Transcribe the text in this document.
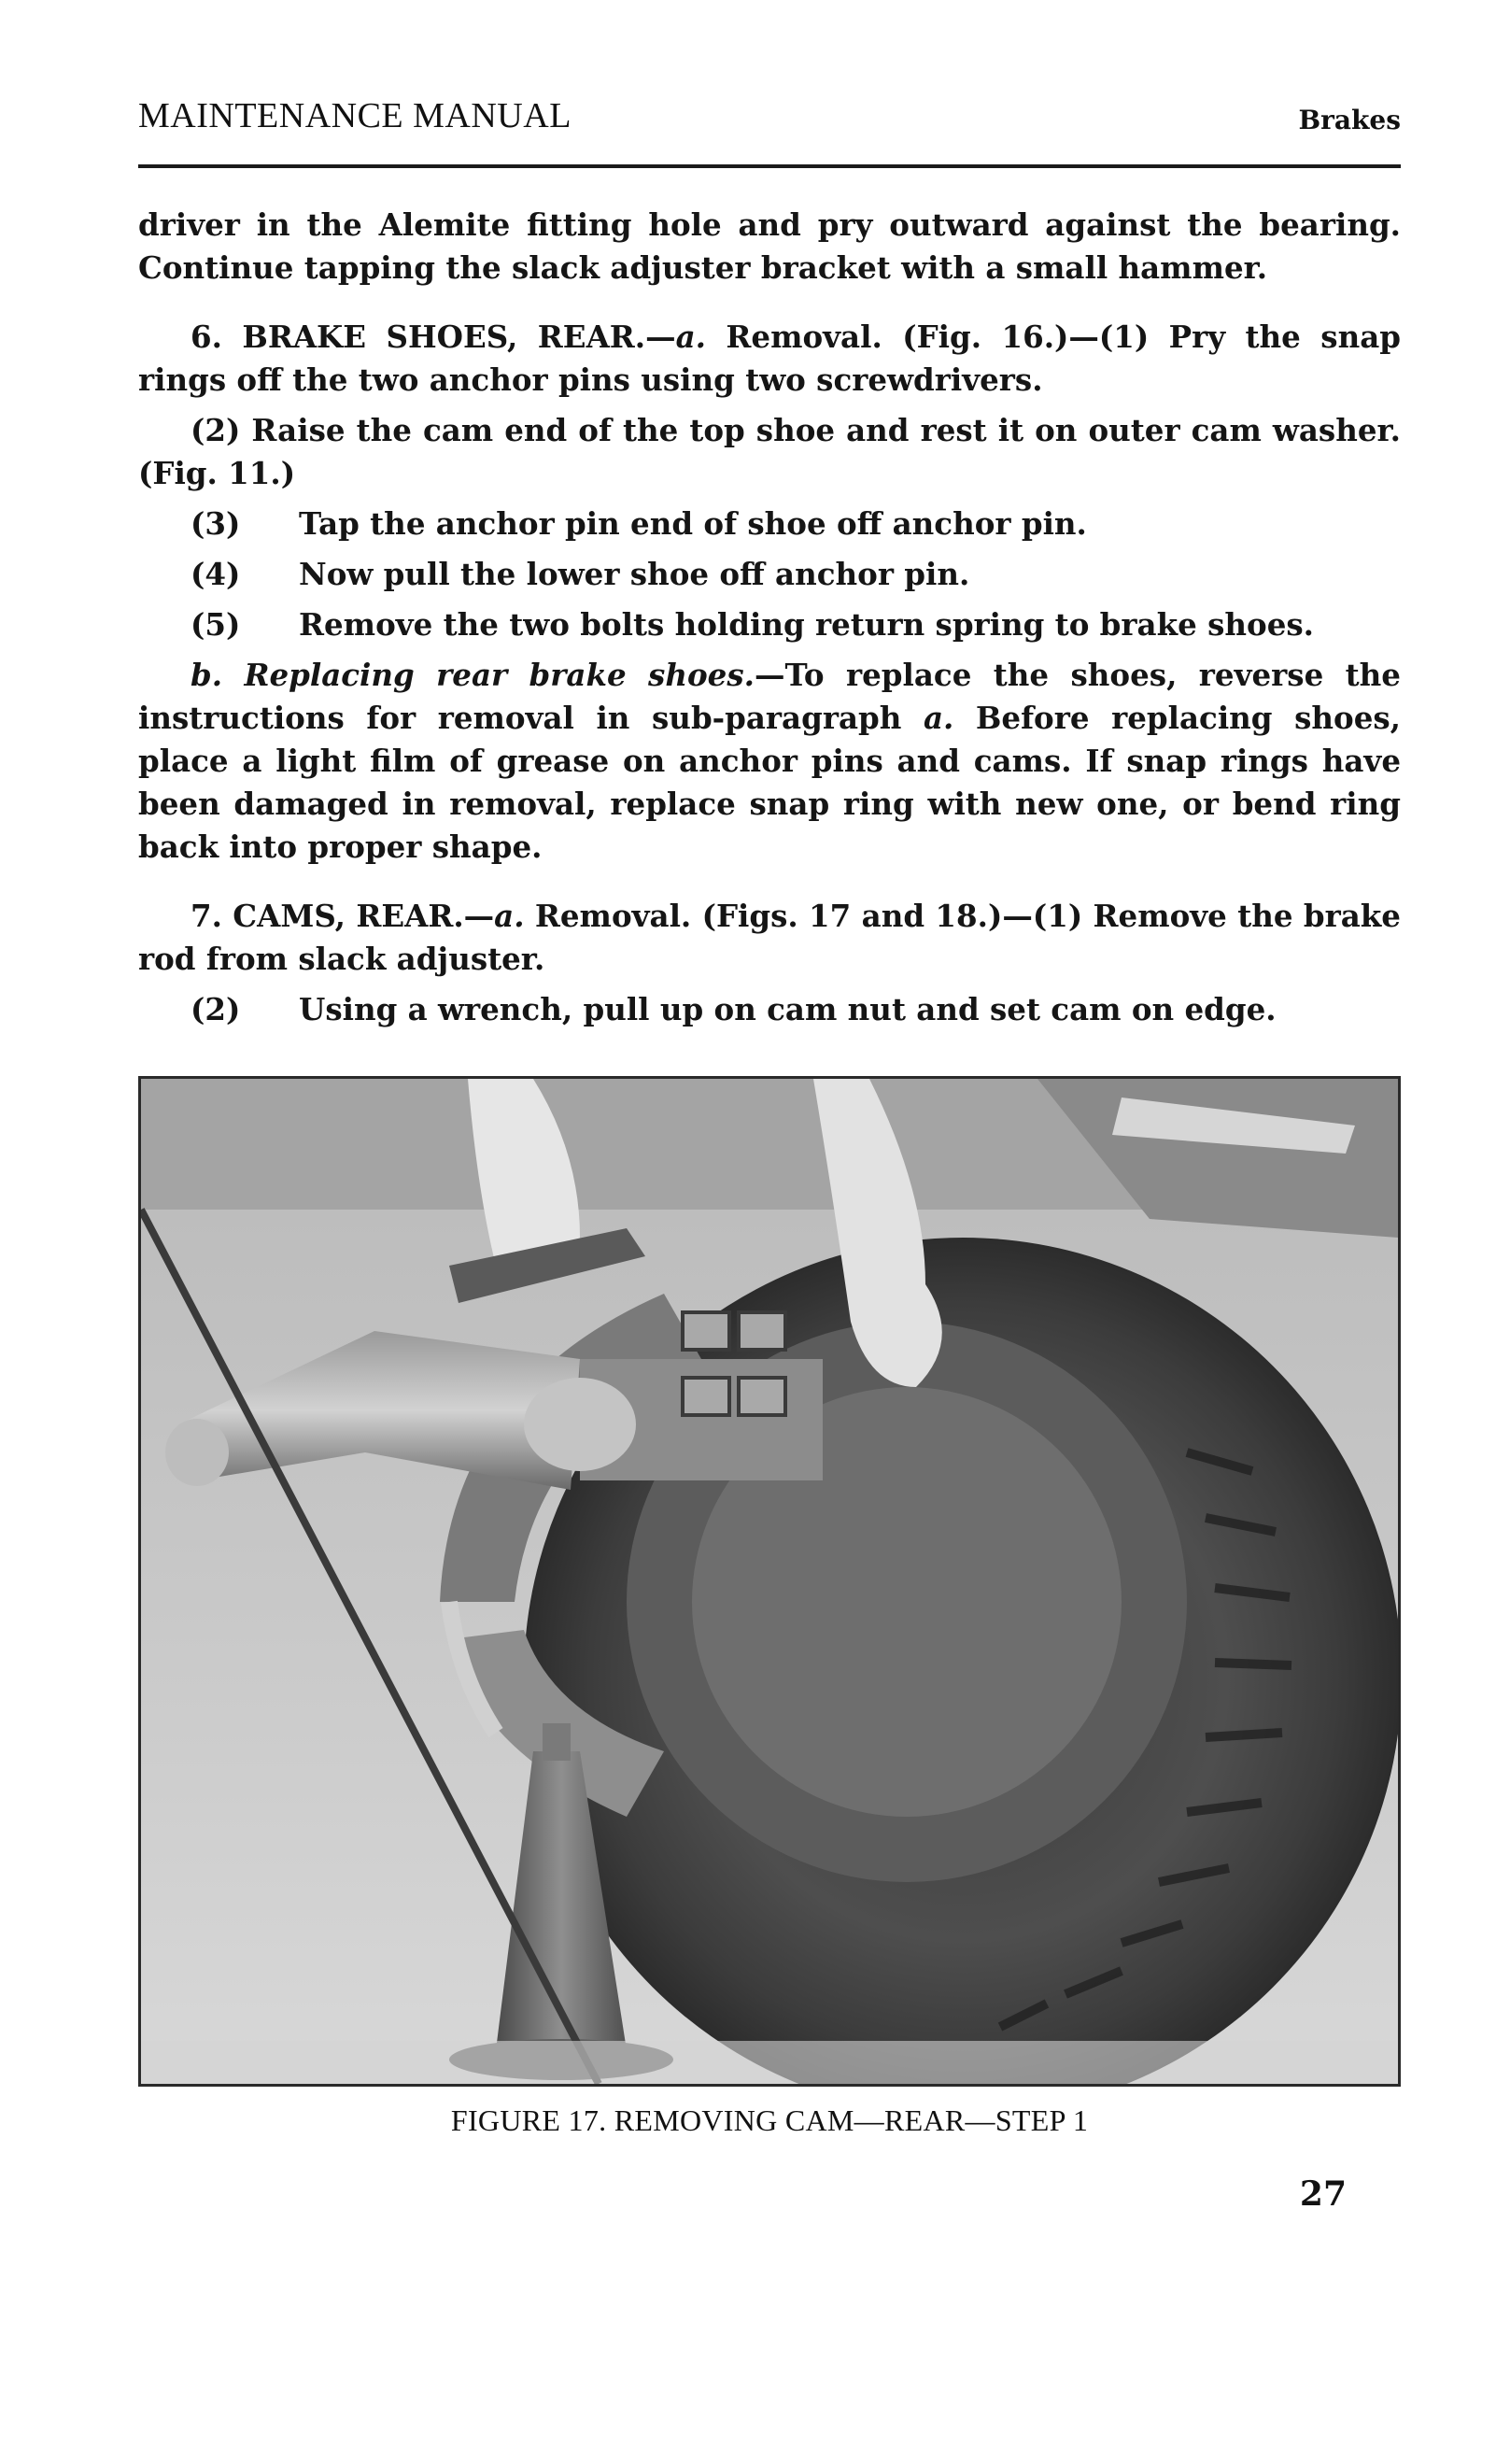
MAINTENANCE MANUAL	Brakes

driver in the Alemite fitting hole and pry outward against the bearing. Continue tapping the slack adjuster bracket with a small hammer.

6. BRAKE SHOES, REAR.—a. Removal. (Fig. 16.)—(1) Pry the snap rings off the two anchor pins using two screwdrivers.

(2) Raise the cam end of the top shoe and rest it on outer cam washer. (Fig. 11.)

(3) Tap the anchor pin end of shoe off anchor pin.

(4) Now pull the lower shoe off anchor pin.

(5) Remove the two bolts holding return spring to brake shoes.

b. Replacing rear brake shoes.—To replace the shoes, reverse the instructions for removal in sub-paragraph a. Before replacing shoes, place a light film of grease on anchor pins and cams. If snap rings have been damaged in removal, replace snap ring with new one, or bend ring back into proper shape.

7. CAMS, REAR.—a. Removal. (Figs. 17 and 18.)—(1) Remove the brake rod from slack adjuster.

(2) Using a wrench, pull up on cam nut and set cam on edge.

FIGURE 17. REMOVING CAM—REAR—STEP 1
27
